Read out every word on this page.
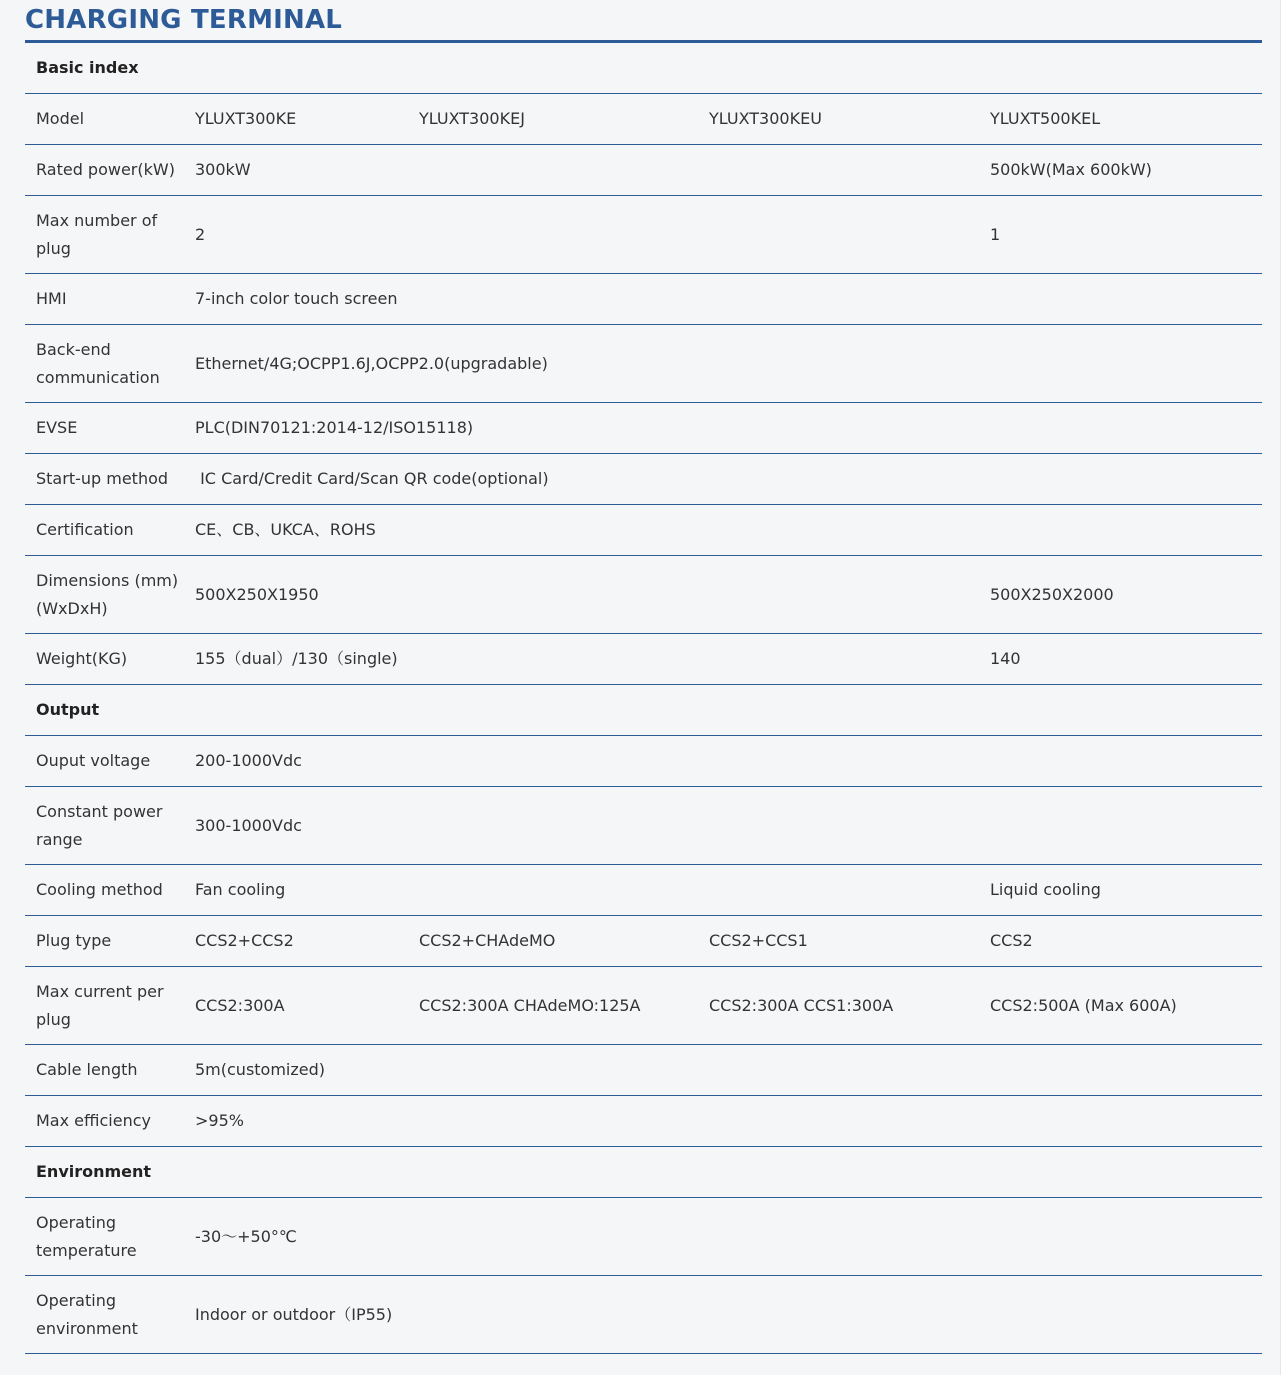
CHARGING TERMINAL
Basic index				
Model	YLUXT300KE	YLUXT300KEJ	YLUXT300KEU	YLUXT500KEL
Rated power(kW)	300kW			500kW(Max 600kW)
Max number of plug	2			1
HMI	7-inch color touch screen			
Back-end communication	Ethernet/4G;OCPP1.6J,OCPP2.0(upgradable)			
EVSE	PLC(DIN70121:2014-12/ISO15118)			
Start-up method	IC Card/Credit Card/Scan QR code(optional)			
Certification	CE、CB、UKCA、ROHS			
Dimensions (mm)(WxDxH)	500X250X1950			500X250X2000
Weight(KG)	155（dual）/130（single)			140
Output				
Ouput voltage	200-1000Vdc			
Constant power range	300-1000Vdc			
Cooling method	Fan cooling			Liquid cooling
Plug type	CCS2+CCS2	CCS2+CHAdeMO	CCS2+CCS1	CCS2
Max current per plug	CCS2:300A	CCS2:300A CHAdeMO:125A	CCS2:300A CCS1:300A	CCS2:500A (Max 600A)
Cable length	5m(customized)			
Max efficiency	>95%			
Environment				
Operating temperature	-30～+50°℃			
Operating environment	Indoor or outdoor（IP55)			
